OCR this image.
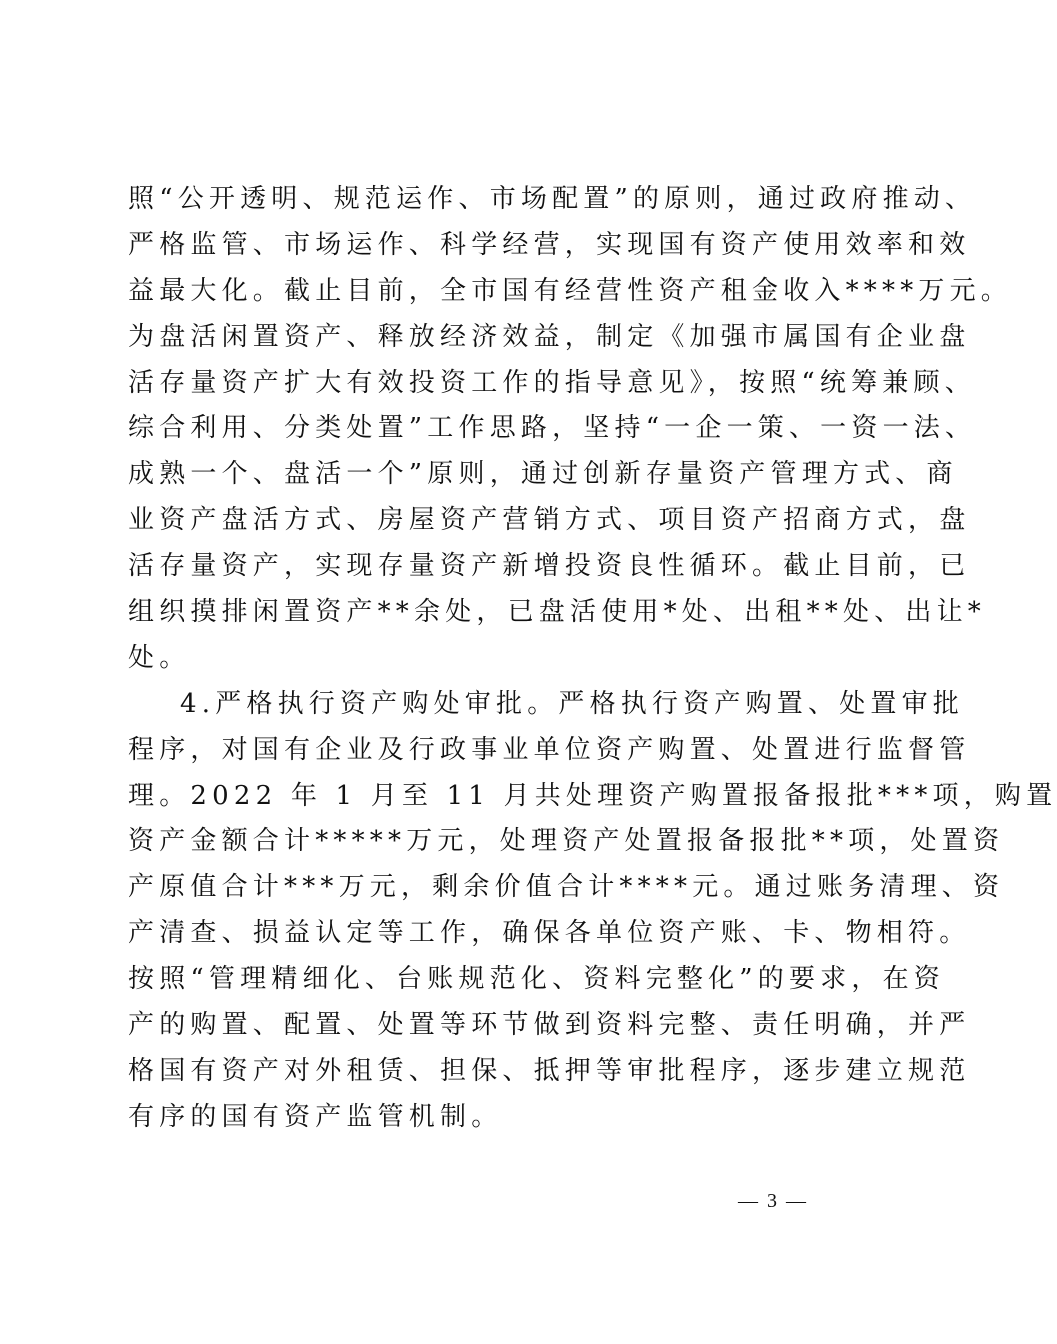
照“公开透明、规范运作、市场配置”的原则，通过政府推动、
严格监管、市场运作、科学经营，实现国有资产使用效率和效
益最大化。截止目前，全市国有经营性资产租金收入****万元。
为盘活闲置资产、释放经济效益，制定《加强市属国有企业盘
活存量资产扩大有效投资工作的指导意见》，按照“统筹兼顾、
综合利用、分类处置”工作思路，坚持“一企一策、一资一法、
成熟一个、盘活一个”原则，通过创新存量资产管理方式、商
业资产盘活方式、房屋资产营销方式、项目资产招商方式，盘
活存量资产，实现存量资产新增投资良性循环。截止目前，已
组织摸排闲置资产**余处，已盘活使用*处、出租**处、出让*
处。
4.严格执行资产购处审批。严格执行资产购置、处置审批
程序，对国有企业及行政事业单位资产购置、处置进行监督管
理。2022 年 1 月至 11 月共处理资产购置报备报批***项，购置
资产金额合计*****万元，处理资产处置报备报批**项，处置资
产原值合计***万元，剩余价值合计****元。通过账务清理、资
产清查、损益认定等工作，确保各单位资产账、卡、物相符。
按照“管理精细化、台账规范化、资料完整化”的要求，在资
产的购置、配置、处置等环节做到资料完整、责任明确，并严
格国有资产对外租赁、担保、抵押等审批程序，逐步建立规范
有序的国有资产监管机制。
— 3 —
